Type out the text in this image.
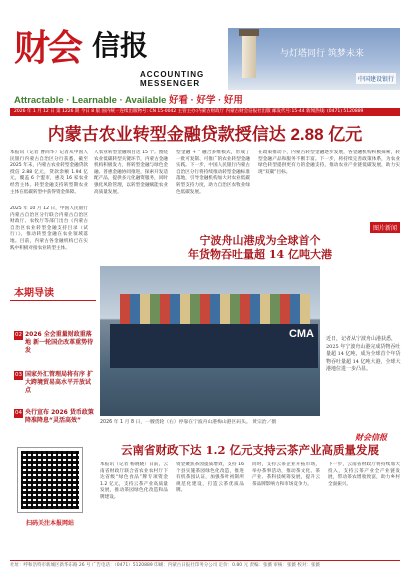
财会 信报
ACCOUNTING
MESSENGER
与灯塔同行 筑梦未来
中国建设银行
Attractable · Learnable · Available 好看 · 好学 · 好用
2026 年 1 月 12 日 第 1226 期 今日 8 版 国内统一连续出版物号: CN 15-0042 主管主办:内蒙古财政厅 内蒙古财会信报社出版 邮发代号:15-44 新闻热线: (0471) 5120889
内蒙古农业转型金融贷款授信达 2.88 亿元
本报讯（记者 曹尚华）记者从中国人民银行内蒙古自治区分行获悉，截至 2025 年末，内蒙古农业转型金融贷款授信 2.88 亿元，贷款余额 1.94 亿元，覆盖 6 个盟市，惠及 16 家农业经营主体。转型金融支持转型期农业主体在低碳转型中获得资金保障。
2025 年 10 月 12 日，中国人民银行内蒙古自治区分行联合内蒙古自治区财政厅、农牧厅等部门出台《内蒙古自治区农业转型金融支持目录（试行）》，推动转型金融在农业领域落地。目前，内蒙古各金融机构已在实践中积极对接农业转型主体。
人农业转型金融项目达 15 个。围绕农业低碳转型关键环节，内蒙古金融机构积极发力，将转型金融与绿色金融、普惠金融协同推进，探索开发适配产品，提供多元化融资服务，同时强化风险管理，以转型金融赋能农业高质量发展。
型金融 + ” 融合多维模式，形成了一批可复制、可推广的农业转型金融实践。下一步，中国人民银行内蒙古自治区分行将持续推动转型金融标准落地，引导金融机构加大对农业低碳转型支持力度，助力自治区农牧业绿色低碳发展。
在政策推动下，内蒙古转型金融逐步发展，各金融机构积极探索，转型金融产品和服务不断丰富。下一步，将持续完善政策体系，为农业绿色转型提供更有力的金融支持，推动农业产业链低碳发展，助力实现“双碳”目标。
本期导读
02 2026 全会重量财政重落地 新一轮国企改革重势待发
03 国家外汇管理局将有序 扩大跨境贸易高水平开放试点
04 央行宣布 2026 货币政策 降准降息“灵活高效”
扫码关注本报网站
图片新闻
宁波舟山港成为全球首个
年货物吞吐量超 14 亿吨大港
CMA
2026 年 1 月 8 日，一艘货轮（右）停靠在宁波舟山港梅山港区码头。 黄宗治／摄
近日，记者从宁波舟山港获悉，2025 年宁波舟山港完成货物吞吐量超 14 亿吨，成为全球首个年货物吞吐量超 14 亿吨大港，全球大港地位进一步凸显。
财会信报
云南省财政下达 1.2 亿元支持云茶产业高质量发展
本报讯（记者 杨晓晓）日前，云南省财政厅联合省农业农村厅下达省级“绿色食品”牌专项资金 1.2 亿元，支持云茶产业高质量发展，推动茶园绿色化改造和品牌建设。
资金聚焦茶园提质增效，支持 16 个县实施茶园绿色化改造，推进有机茶园认证，加强茶叶初制所规范化建设，打造云茶优质品牌。
同时，支持云茶企业开拓市场，举办茶事活动，推动茶文化、茶产业、茶科技统筹发展，提升云茶品牌影响力和市场竞争力。
下一步，云南省财政厅将持续加大投入，支持云茶产业全产业链发展，带动茶农增收致富，助力乡村全面振兴。
社址：呼和浩特市新城区新华东路 26 号 广告电话：（0471）5120889 印刷：内蒙古日报社印务分公司 定价：0.80 元 责编：张薇 审核：张薇 校对：张薇
